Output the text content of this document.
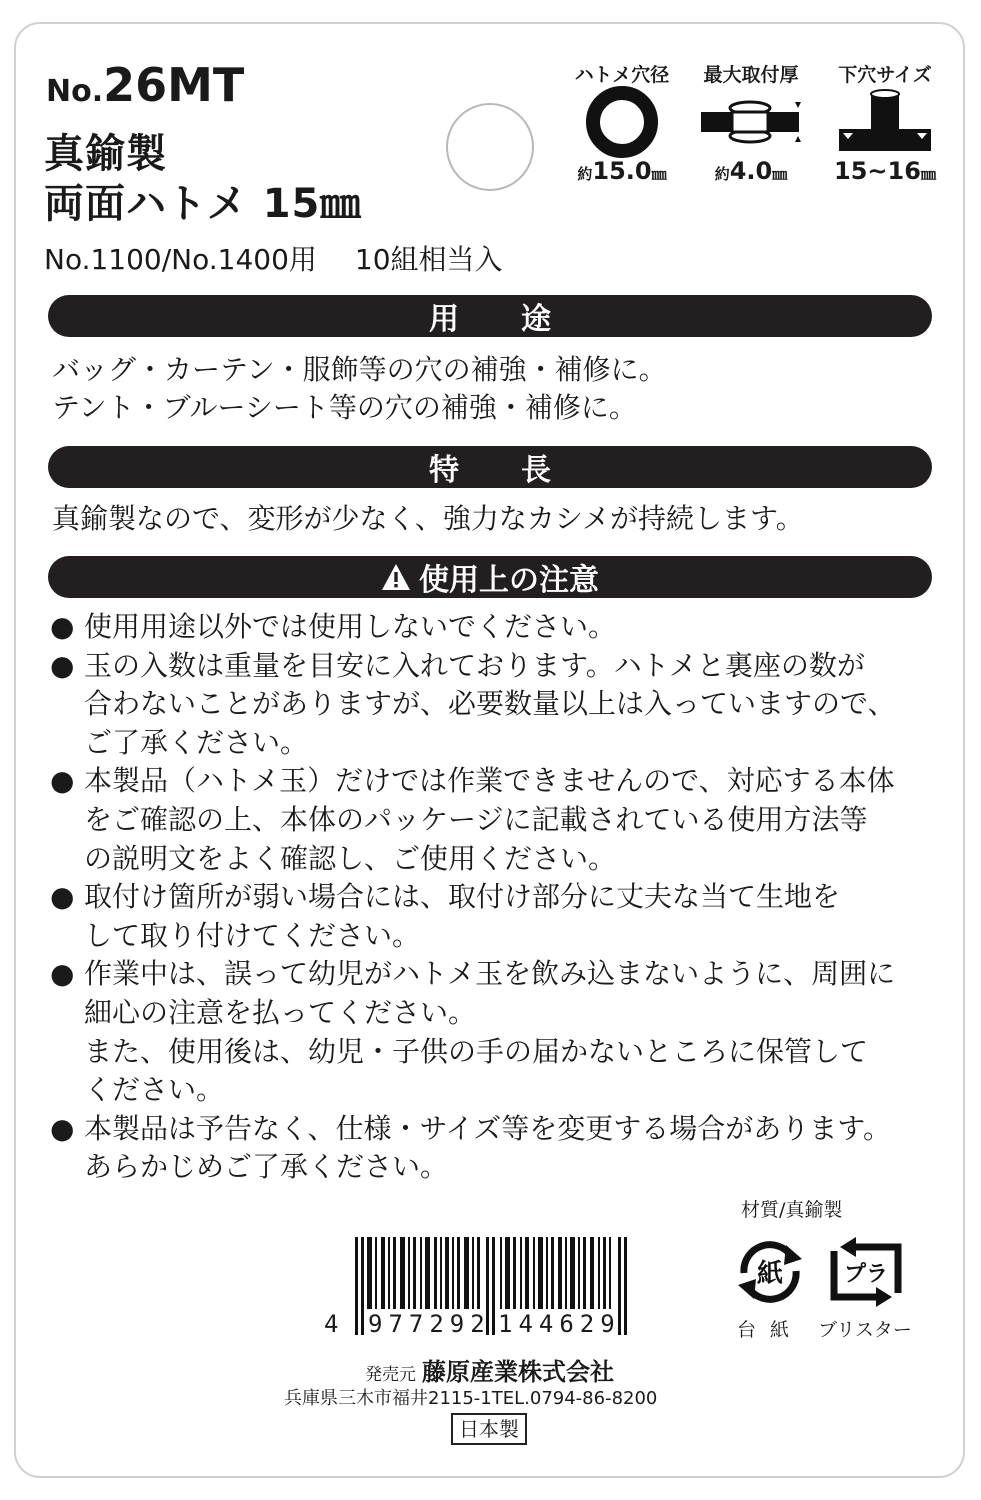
No.26MT
真鍮製
両面ハトメ 15㎜
No.1100/No.1400用 10組相当入
ハトメ穴径
約15.0㎜
最大取付厚
約4.0㎜
下穴サイズ
15~16㎜
用途
バッグ・カーテン・服飾等の穴の補強・補修に。
テント・ブルーシート等の穴の補強・補修に。
特長
真鍮製なので、変形が少なく、強力なカシメが持続します。
使用上の注意
● 使用用途以外では使用しないでください。
● 玉の入数は重量を目安に入れております。ハトメと裏座の数が
合わないことがありますが、必要数量以上は入っていますので、
ご了承ください。
● 本製品（ハトメ玉）だけでは作業できませんので、対応する本体
をご確認の上、本体のパッケージに記載されている使用方法等
の説明文をよく確認し、ご使用ください。
● 取付け箇所が弱い場合には、取付け部分に丈夫な当て生地を
して取り付けてください。
● 作業中は、誤って幼児がハトメ玉を飲み込まないように、周囲に
細心の注意を払ってください。
また、使用後は、幼児・子供の手の届かないところに保管して
ください。
● 本製品は予告なく、仕様・サイズ等を変更する場合があります。
あらかじめご了承ください。
材質/真鍮製
4 977292 144629
紙	プラ
台紙 ブリスター
発売元 藤原産業株式会社
兵庫県三木市福井2115-1TEL.0794-86-8200
日本製
